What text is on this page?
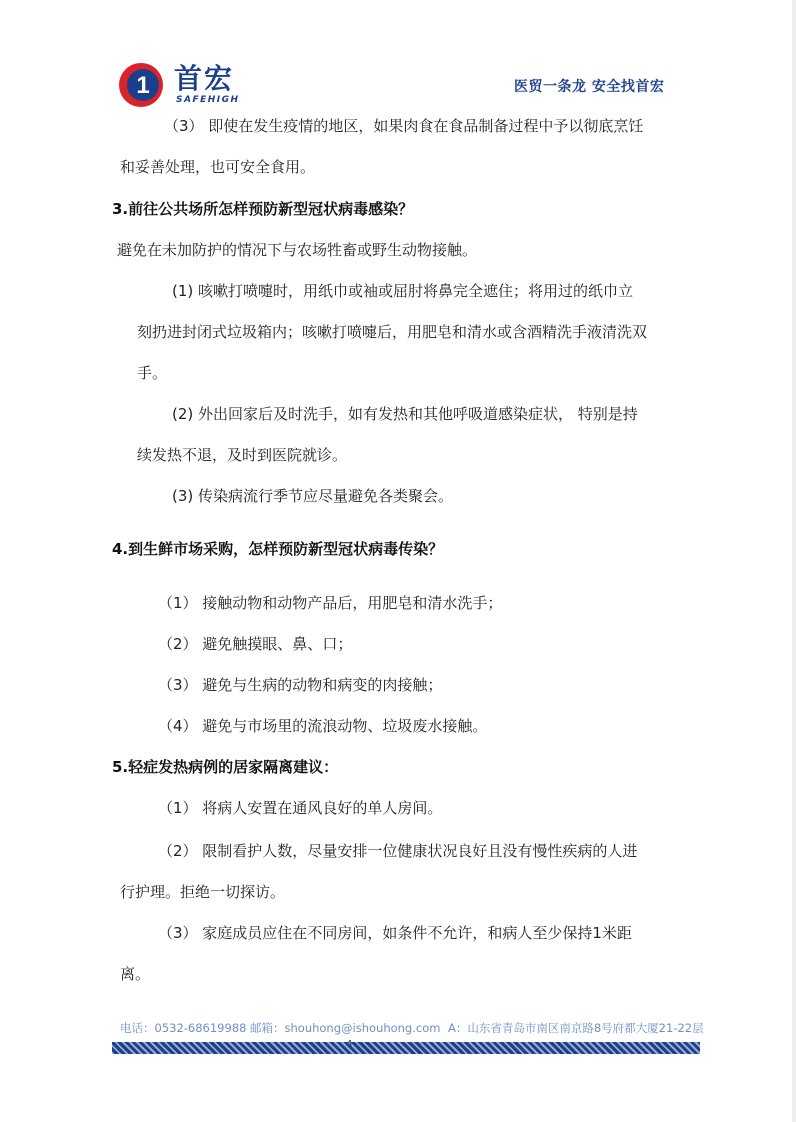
1 首宏
SAFEHIGH
医贸一条龙 安全找首宏
（3） 即使在发生疫情的地区，如果肉食在食品制备过程中予以彻底烹饪
和妥善处理，也可安全食用。
3.前往公共场所怎样预防新型冠状病毒感染？
避免在未加防护的情况下与农场牲畜或野生动物接触。
(1) 咳嗽打喷嚏时，用纸巾或袖或屈肘将鼻完全遮住；将用过的纸巾立
刻扔进封闭式垃圾箱内；咳嗽打喷嚏后，用肥皂和清水或含酒精洗手液清洗双
手。
(2) 外出回家后及时洗手，如有发热和其他呼吸道感染症状， 特别是持
续发热不退，及时到医院就诊。
(3) 传染病流行季节应尽量避免各类聚会。
4.到生鲜市场采购，怎样预防新型冠状病毒传染？
（1） 接触动物和动物产品后，用肥皂和清水洗手；
（2） 避免触摸眼、鼻、口；
（3） 避免与生病的动物和病变的肉接触；
（4） 避免与市场里的流浪动物、垃圾废水接触。
5.轻症发热病例的居家隔离建议：
（1） 将病人安置在通风良好的单人房间。
（2） 限制看护人数，尽量安排一位健康状况良好且没有慢性疾病的人进
行护理。拒绝一切探访。
（3） 家庭成员应住在不同房间，如条件不允许，和病人至少保持1米距
离。
电话：0532-68619988 邮箱：shouhong@ishouhong.com A：山东省青岛市南区南京路8号府都大厦21-22层
4
